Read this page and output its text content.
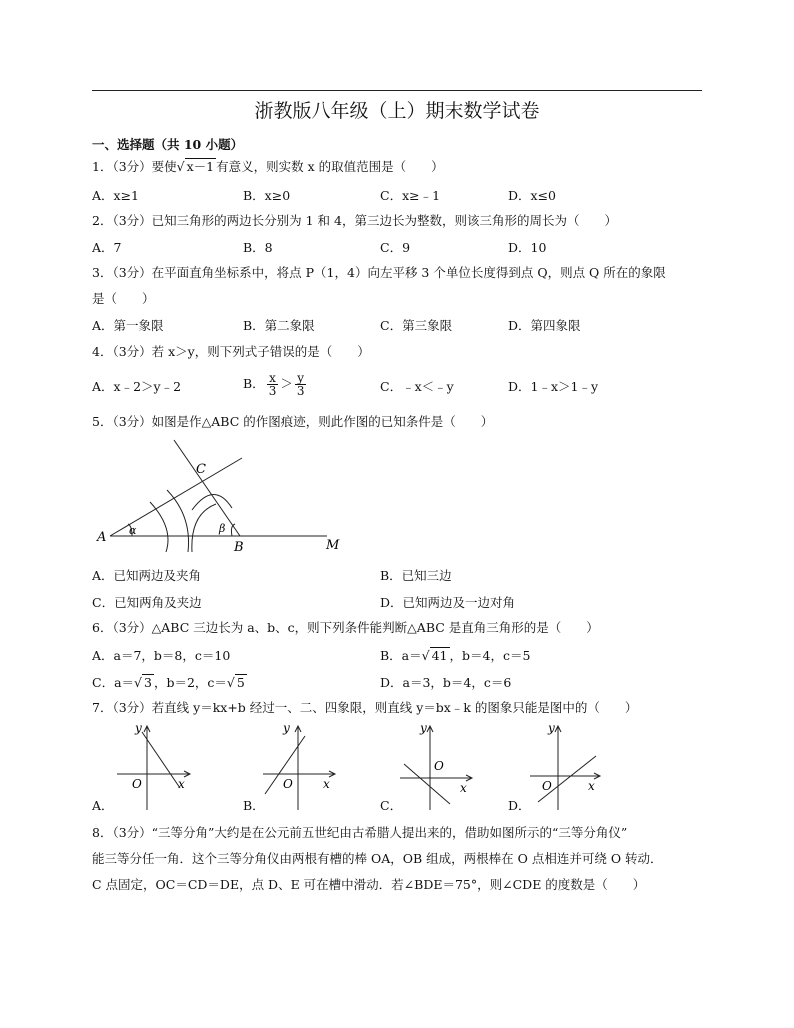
浙教版八年级（上）期末数学试卷
一、选择题（共 10 小题）
1．（3分）要使√ x－1 有意义，则实数 x 的取值范围是（　　）
A．x≥1	B．x≥0	C．x≥﹣1	D．x≤0
2．（3分）已知三角形的两边长分别为 1 和 4，第三边长为整数，则该三角形的周长为（　　）
A．7	B．8	C．9	D．10
3．（3分）在平面直角坐标系中，将点 P（1，4）向左平移 3 个单位长度得到点 Q，则点 Q 所在的象限
是（　　）
A．第一象限	B．第二象限	C．第三象限	D．第四象限
4．（3分）若 x＞y，则下列式子错误的是（　　）
A．x﹣2＞y﹣2	B． $\frac{x}{3} > \frac{y}{3}$	C．﹣x＜﹣y	D．1﹣x＞1﹣y
5．（3分）如图是作△ABC 的作图痕迹，则此作图的已知条件是（　　）
A
B
C
M
α	β
A．已知两边及夹角	B．已知三边
C．已知两角及夹边	D．已知两边及一边对角
6．（3分）△ABC 三边长为 a、b、c，则下列条件能判断△ABC 是直角三角形的是（　　）
A．a＝7，b＝8，c＝10	B．a＝√ 41 ，b＝4，c＝5
C．a＝√ 3 ，b＝2，c＝√ 5	D．a＝3，b＝4，c＝6
7．（3分）若直线 y＝kx+b 经过一、二、四象限，则直线 y＝bx﹣k 的图象只能是图中的（　　）
y
x
O
A．
y
x
O
B．
y
x
O
C．
y
x
O
D．
8．（3分）“三等分角”大约是在公元前五世纪由古希腊人提出来的，借助如图所示的“三等分角仪”
能三等分任一角．这个三等分角仪由两根有槽的棒 OA，OB 组成，两根棒在 O 点相连并可绕 O 转动．
C 点固定，OC＝CD＝DE，点 D、E 可在槽中滑动．若∠BDE＝75°，则∠CDE 的度数是（　　）
